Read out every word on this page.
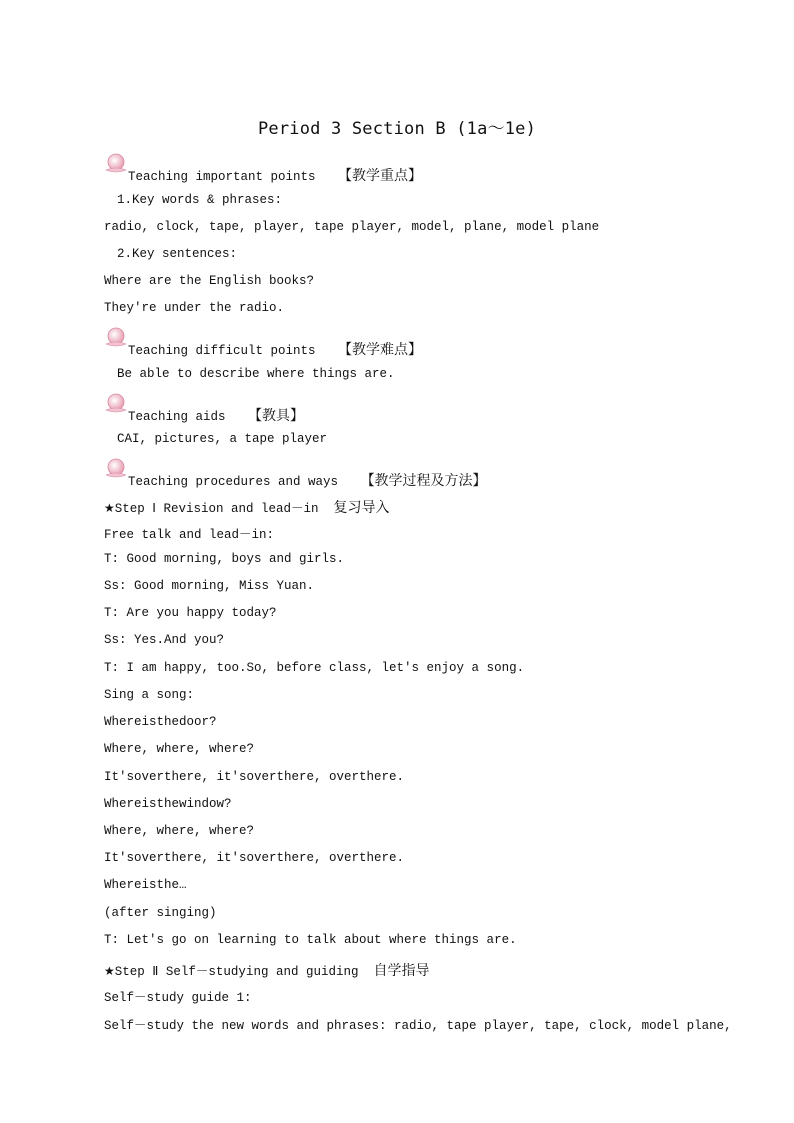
Period 3 Section B (1a～1e)
Teaching important points 【教学重点】
1.Key words & phrases:
radio, clock, tape, player, tape player, model, plane, model plane
2.Key sentences:
Where are the English books?
They're under the radio.
Teaching difficult points 【教学难点】
Be able to describe where things are.
Teaching aids 【教具】
CAI, pictures, a tape player
Teaching procedures and ways 【教学过程及方法】
★Step Ⅰ Revision and lead－in 复习导入
Free talk and lead－in:
T: Good morning, boys and girls.
Ss: Good morning, Miss Yuan.
T: Are you happy today?
Ss: Yes.And you?
T: I am happy, too.So, before class, let's enjoy a song.
Sing a song:
Whereisthedoor?
Where, where, where?
It'soverthere, it'soverthere, overthere.
Whereisthewindow?
Where, where, where?
It'soverthere, it'soverthere, overthere.
Whereisthe…
(after singing)
T: Let's go on learning to talk about where things are.
★Step Ⅱ Self－studying and guiding 自学指导
Self－study guide 1:
Self－study the new words and phrases: radio, tape player, tape, clock, model plane,
